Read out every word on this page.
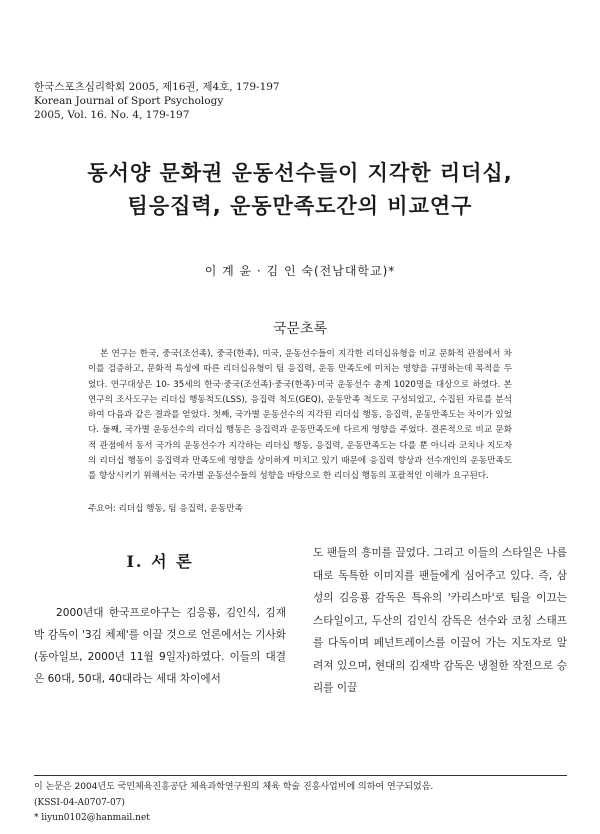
한국스포츠심리학회 2005, 제16권, 제4호, 179-197
Korean Journal of Sport Psychology
2005, Vol. 16. No. 4, 179-197
동서양 문화권 운동선수들이 지각한 리더십,
팀응집력, 운동만족도간의 비교연구
이 계 윤 · 김 인 숙(전남대학교)*
국문초록
본 연구는 한국, 중국(조선족), 중국(한족), 미국, 운동선수들이 지각한 리더십유형을 비교 문화적 관점에서 차이를 검증하고, 문화적 특성에 따른 리더십유형이 팀 응집력, 운동 만족도에 미치는 영향을 규명하는데 목적을 두었다. 연구대상은 10- 35세의 한국·중국(조선족)·중국(한족)·미국 운동선수 총계 1020명을 대상으로 하였다. 본 연구의 조사도구는 리더십 행동척도(LSS), 응집력 척도(GEQ), 운동만족 척도로 구성되었고, 수집된 자료를 분석하여 다음과 같은 결과를 얻었다. 첫째, 국가별 운동선수의 지각된 리더십 행동, 응집력, 운동만족도는 차이가 있었다. 둘째, 국가별 운동선수의 리더십 행동은 응집력과 운동만족도에 다르게 영향을 주었다. 결론적으로 비교 문화적 관점에서 동서 국가의 운동선수가 지각하는 리더십 행동, 응집력, 운동만족도는 다를 뿐 아니라 코치나 지도자의 리더십 행동이 응집력과 만족도에 영향을 상이하게 미치고 있기 때문에 응집력 향상과 선수개인의 운동만족도를 향상시키기 위해서는 국가별 운동선수들의 성향을 바탕으로 한 리더십 행동의 포괄적인 이해가 요구된다.
주요어: 리더십 행동, 팀 응집력, 운동만족
I. 서 론
2000년대 한국프로야구는 김응룡, 김인식, 김재박 감독이 '3김 체제'를 이끌 것으로 언론에서는 기사화(동아일보, 2000년 11월 9일자)하였다. 이들의 대결은 60대, 50대, 40대라는 세대 차이에서
도 팬들의 흥미를 끌었다. 그리고 이들의 스타일은 나름대로 독특한 이미지를 팬들에게 심어주고 있다. 즉, 삼성의 김응룡 감독은 특유의 '카리스마'로 팀을 이끄는 스타일이고, 두산의 김인식 감독은 선수와 코칭 스태프를 다독이며 페넌트레이스를 이끌어 가는 지도자로 알려져 있으며, 현대의 김재박 감독은 냉철한 작전으로 승리를 이끌
이 논문은 2004년도 국민체육진흥공단 체육과학연구원의 체육 학술 진흥사업비에 의하여 연구되었음.
(KSSI-04-A0707-07)
* liyun0102@hanmail.net
